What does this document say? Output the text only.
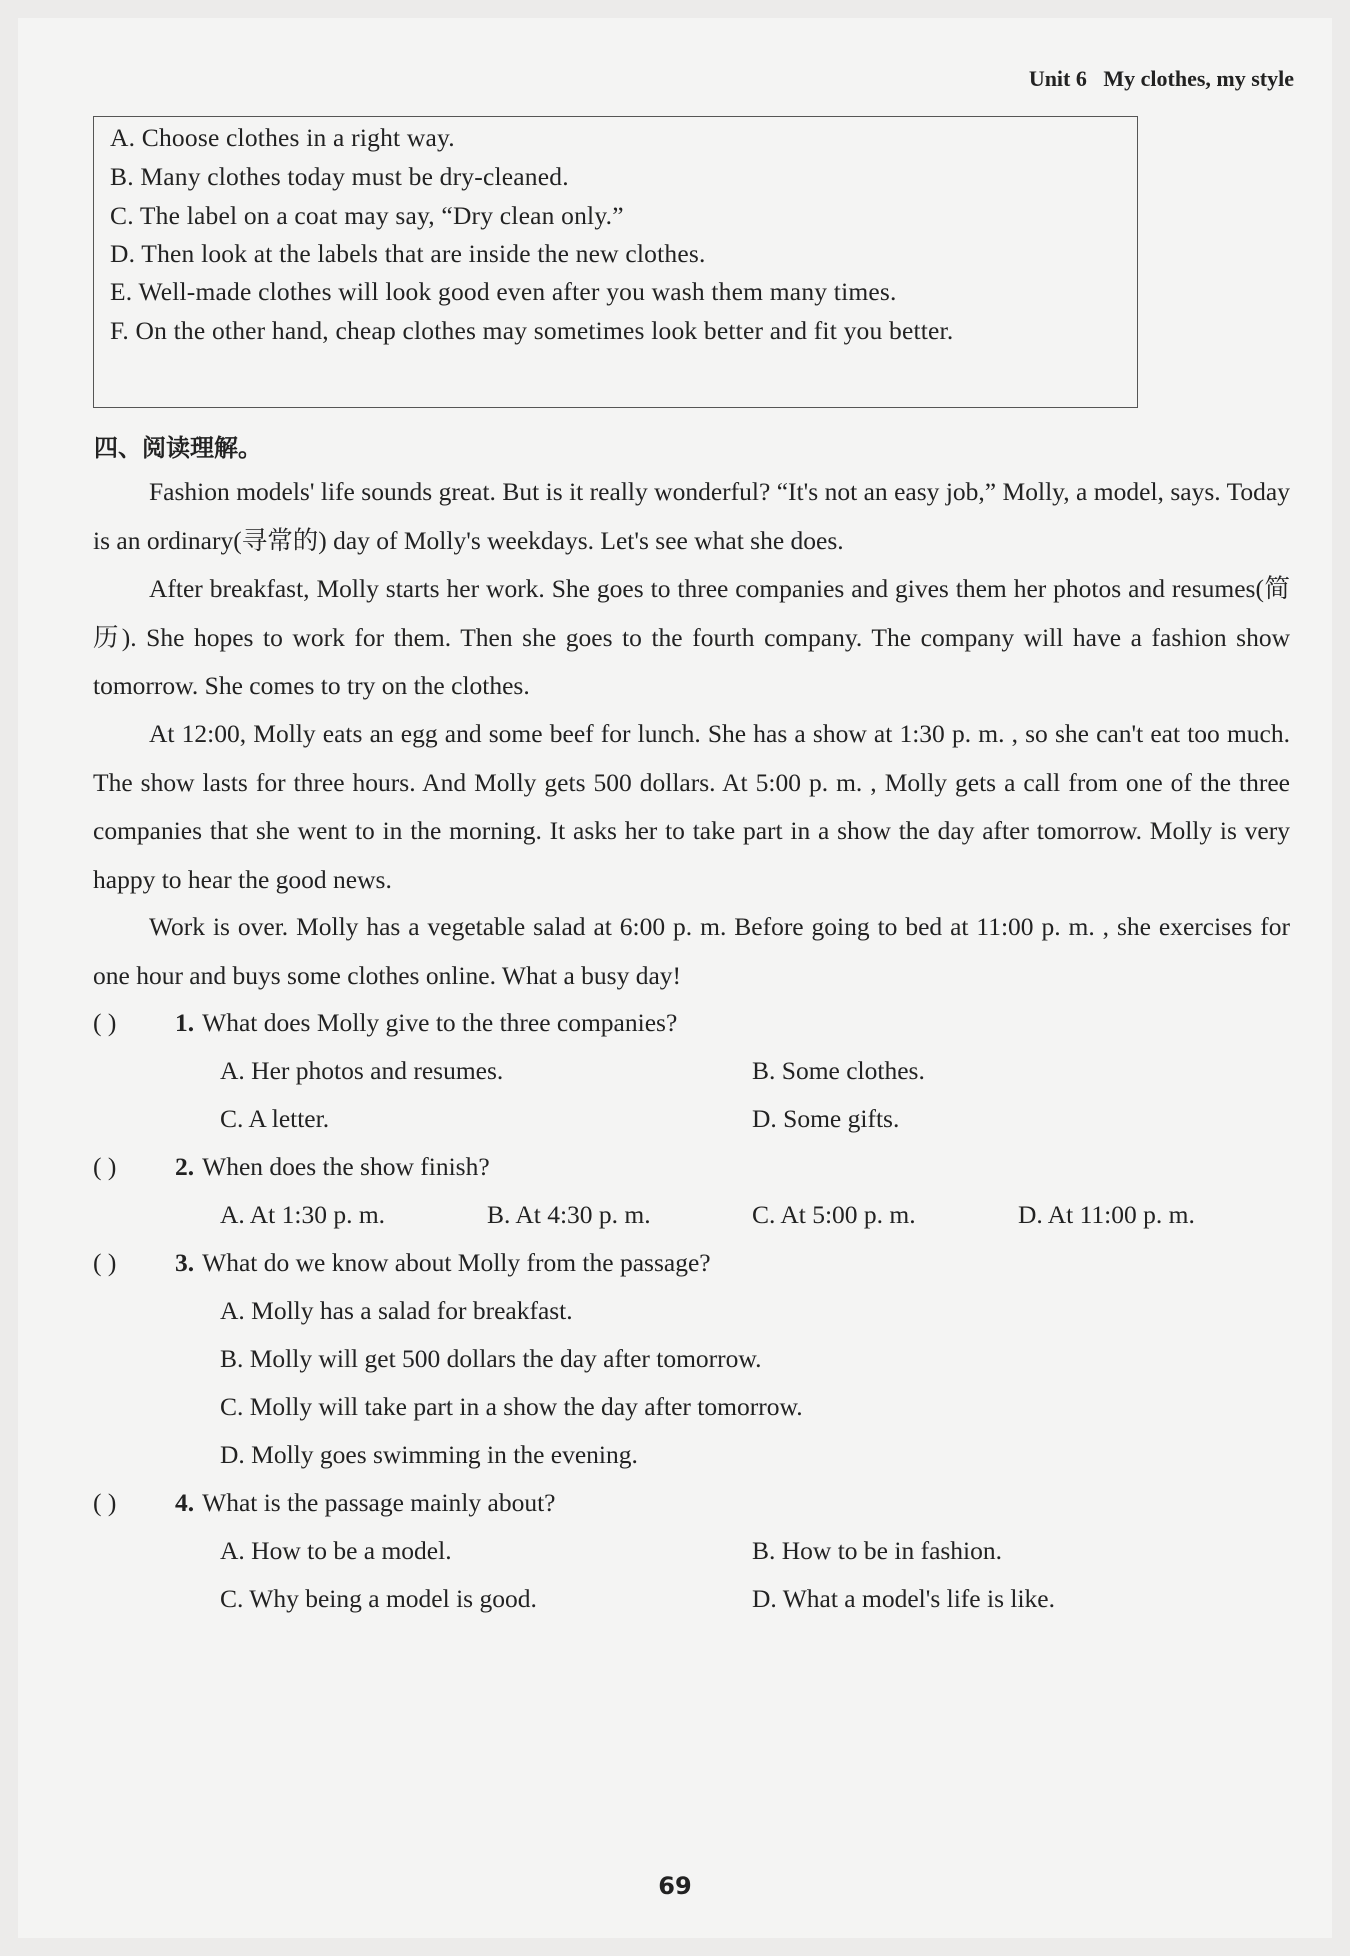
Unit 6 My clothes, my style
A. Choose clothes in a right way.
B. Many clothes today must be dry-cleaned.
C. The label on a coat may say, “Dry clean only.”
D. Then look at the labels that are inside the new clothes.
E. Well-made clothes will look good even after you wash them many times.
F. On the other hand, cheap clothes may sometimes look better and fit you better.
四、阅读理解。

Fashion models' life sounds great. But is it really wonderful? “It's not an easy job,” Molly, a model, says. Today is an ordinary(寻常的) day of Molly's weekdays. Let's see what she does.

After breakfast, Molly starts her work. She goes to three companies and gives them her photos and resumes(简历). She hopes to work for them. Then she goes to the fourth company. The company will have a fashion show tomorrow. She comes to try on the clothes.

At 12:00, Molly eats an egg and some beef for lunch. She has a show at 1:30 p. m. , so she can't eat too much. The show lasts for three hours. And Molly gets 500 dollars. At 5:00 p. m. , Molly gets a call from one of the three companies that she went to in the morning. It asks her to take part in a show the day after tomorrow. Molly is very happy to hear the good news.

Work is over. Molly has a vegetable salad at 6:00 p. m. Before going to bed at 11:00 p. m. , she exercises for one hour and buys some clothes online. What a busy day!

( ) 1. What does Molly give to the three companies?
A. Her photos and resumes.	B. Some clothes.
C. A letter.	D. Some gifts.
( ) 2. When does the show finish?
A. At 1:30 p. m.	B. At 4:30 p. m.	C. At 5:00 p. m.	D. At 11:00 p. m.
( ) 3. What do we know about Molly from the passage?
A. Molly has a salad for breakfast.
B. Molly will get 500 dollars the day after tomorrow.
C. Molly will take part in a show the day after tomorrow.
D. Molly goes swimming in the evening.
( ) 4. What is the passage mainly about?
A. How to be a model.	B. How to be in fashion.
C. Why being a model is good.	D. What a model's life is like.
69
